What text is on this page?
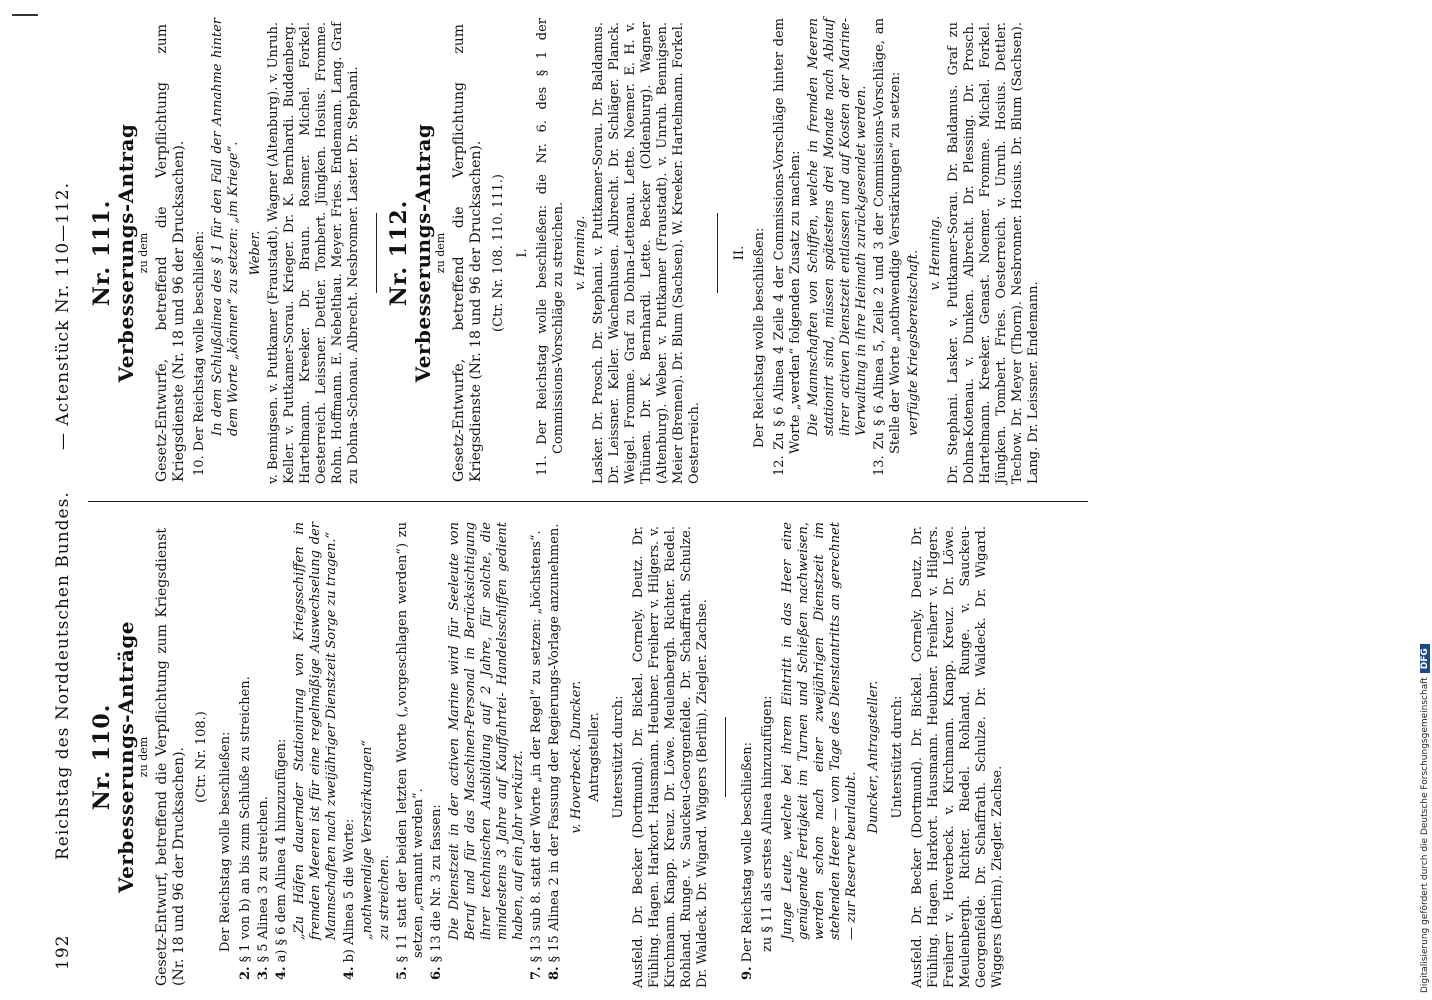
192
Reichstag des Norddeutschen Bundes.
— Actenstück Nr. 110—112.
Nr. 110. Verbesserungs-Anträge zu dem Gesetz-Entwurf, betreffend die Verpflichtung zum Kriegsdienst (Nr. 18 und 96 der Drucksachen). (Ctr. Nr. 108.) Der Reichstag wolle beschließen:
2.§ 1 von b) an bis zum Schluße zu streichen.
3.§ 5 Alinea 3 zu streichen.
4.a) § 6 dem Alinea 4 hinzuzufügen: „Zu Häfen dauernder Stationirung von Kriegsschiffen in fremden Meeren ist für eine regelmäßige Auswechselung der Mannschaften nach zweijähriger Dienstzeit Sorge zu tragen.“
4.b) Alinea 5 die Worte: „nothwendige Verstärkungen“ zu streichen.
5.§ 11 statt der beiden letzten Worte („vorgeschlagen werden“) zu setzen „ernannt werden“.
6.§ 13 die Nr. 3 zu fassen: Die Dienstzeit in der activen Marine wird für Seeleute von Beruf und für das Maschinen-Personal in Berücksichtigung ihrer technischen Ausbildung auf 2 Jahre, für solche, die mindestens 3 Jahre auf Kauffahrtei- Handelsschiffen gedient haben, auf ein Jahr verkürzt.
7.§ 13 sub 8. statt der Worte „in der Regel“ zu setzen: „höchstens“.
8.§ 15 Alinea 2 in der Fassung der Regierungs-Vorlage anzunehmen. v. Hoverbeck. Duncker. Antragsteller. Unterstützt durch: Ausfeld. Dr. Becker (Dortmund). Dr. Bickel. Cornely. Deutz. Dr. Fühling. Hagen. Harkort. Hausmann. Heubner. Freiherr v. Hilgers. v. Kirchmann. Knapp. Kreuz. Dr. Löwe. Meulenbergh. Richter. Riedel. Rohland. Runge. v. Sauckeu-Georgenfelde. Dr. Schaffrath. Schulze. Dr. Waldeck. Dr. Wigard. Wiggers (Berlin). Ziegler. Zachse. 9.Der Reichstag wolle beschließen: zu § 11 als erstes Alinea hinzuzufügen: Junge Leute, welche bei ihrem Eintritt in das Heer eine genügende Fertigkeit im Turnen und Schießen nachweisen, werden schon nach einer zweijährigen Dienstzeit im stehenden Heere — vom Tage des Dienstantritts an gerechnet — zur Reserve beurlaubt.
Duncker, Antragsteller. Unterstützt durch: Ausfeld. Dr. Becker (Dortmund). Dr. Bickel. Cornely. Deutz. Dr. Fühling. Hagen. Harkort. Hausmann. Heubner. Freiherr v. Hilgers. Freiherr v. Hoverbeck. v. Kirchmann. Knapp. Kreuz. Dr. Löwe. Meulenbergh. Richter. Riedel. Rohland. Runge. v. Sauckeu-Georgenfelde. Dr. Schaffrath. Schulze. Dr. Waldeck. Dr. Wigard. Wiggers (Berlin). Ziegler. Zachse.
Nr. 111. Verbesserungs-Antrag zu dem Gesetz-Entwurfe, betreffend die Verpflichtung zum Kriegsdienste (Nr. 18 und 96 der Drucksachen). 10. Der Reichstag wolle beschließen: In dem Schlußalinea des § 1 für den Fall der Annahme hinter dem Worte „können“ zu setzen: „im Kriege“. Weber. v. Bennigsen. v. Puttkamer (Fraustadt). Wagner (Altenburg). v. Unruh. Keller. v. Puttkamer-Sorau. Krieger. Dr. K. Bernhardi. Buddenberg. Hartelmann. Kreeker. Dr. Braun. Rosmer. Michel. Forkel. Oesterreich. Leissner. Dettler. Tombert. Jüngken. Hosius. Fromme. Rohn. Hoffmann. E. Nebelthau. Meyer. Fries. Endemann. Lang. Graf zu Dohna-Schonau. Albrecht. Nesbronner. Laster. Dr. Stephani. Nr. 112. Verbesserungs-Antrag zu dem Gesetz-Entwurfe, betreffend die Verpflichtung zum Kriegsdienste (Nr. 18 und 96 der Drucksachen). (Ctr. Nr. 108. 110. 111.) I. 11. Der Reichstag wolle beschließen: die Nr. 6. des § 1 der Commissions-Vorschläge zu streichen. v. Henning. Lasker. Dr. Prosch. Dr. Stephani. v. Puttkamer-Sorau. Dr. Baldamus. Dr. Leissner. Keller. Wachenhusen. Albrecht. Dr. Schläger. Planck. Weigel. Fromme. Graf zu Dohna-Lettenau. Lette. Noemer. E. H. v. Thünen. Dr. K. Bernhardi. Lette. Becker (Oldenburg). Wagner (Altenburg). Weber. v. Puttkamer (Fraustadt). v. Unruh. Bennigsen. Meier (Bremen). Dr. Blum (Sachsen). W. Kreeker. Hartelmann. Forkel. Oesterreich.
II. Der Reichstag wolle beschließen: 12. Zu § 6 Alinea 4 Zeile 4 der Commissions-Vorschläge hinter dem Worte „werden“ folgenden Zusatz zu machen: Die Mannschaften von Schiffen, welche in fremden Meeren stationirt sind, müssen spätestens drei Monate nach Ablauf ihrer activen Dienstzeit entlassen und auf Kosten der Marine-Verwaltung in ihre Heimath zurückgesendet werden. 13. Zu § 6 Alinea 5, Zeile 2 und 3 der Commissions-Vorschläge, an Stelle der Worte „nothwendige Verstärkungen“ zu setzen: verfügte Kriegsbereitschaft. v. Henning. Dr. Stephani. Lasker. v. Puttkamer-Sorau. Dr. Baldamus. Graf zu Dohna-Kotenau. v. Dunken. Albrecht. Dr. Plessing. Dr. Prosch. Hartelmann. Kreeker. Genast. Noemer. Fromme. Michel. Forkel. Jüngken. Tombert. Fries. Oesterreich. v. Unruh. Hosius. Dettler. Techow. Dr. Meyer (Thorn). Nesbronner. Hosius. Dr. Blum (Sachsen). Lang. Dr. Leissner. Endemann.
Digitalisierung gefördert durch die Deutsche Forschungsgemeinschaft
DFG
